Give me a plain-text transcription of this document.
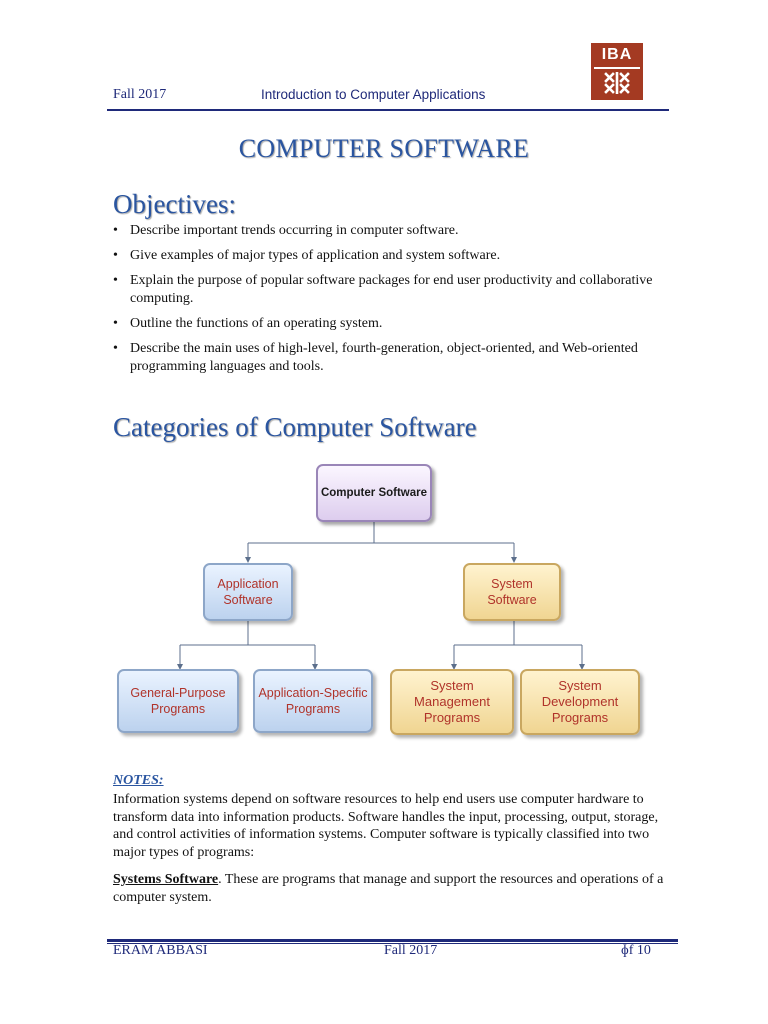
Fall 2017	Introduction to Computer Applications
IBA
COMPUTER SOFTWARE
Objectives:
• Describe important trends occurring in computer software.
• Give examples of major types of application and system software.
• Explain the purpose of popular software packages for end user productivity and collaborative computing.
• Outline the functions of an operating system.
• Describe the main uses of high-level, fourth-generation, object-oriented, and Web-oriented programming languages and tools.
Categories of Computer Software
Computer Software
Application Software
System Software
General-Purpose Programs
Application-Specific Programs
System Management Programs
System Development Programs
NOTES:
Information systems depend on software resources to help end users use computer hardware to transform data into information products. Software handles the input, processing, output, storage, and control activities of information systems. Computer software is typically classified into two major types of programs:
Systems Software. These are programs that manage and support the resources and operations of a computer system.
ERAM ABBASI	Fall 2017	ɸf 10
